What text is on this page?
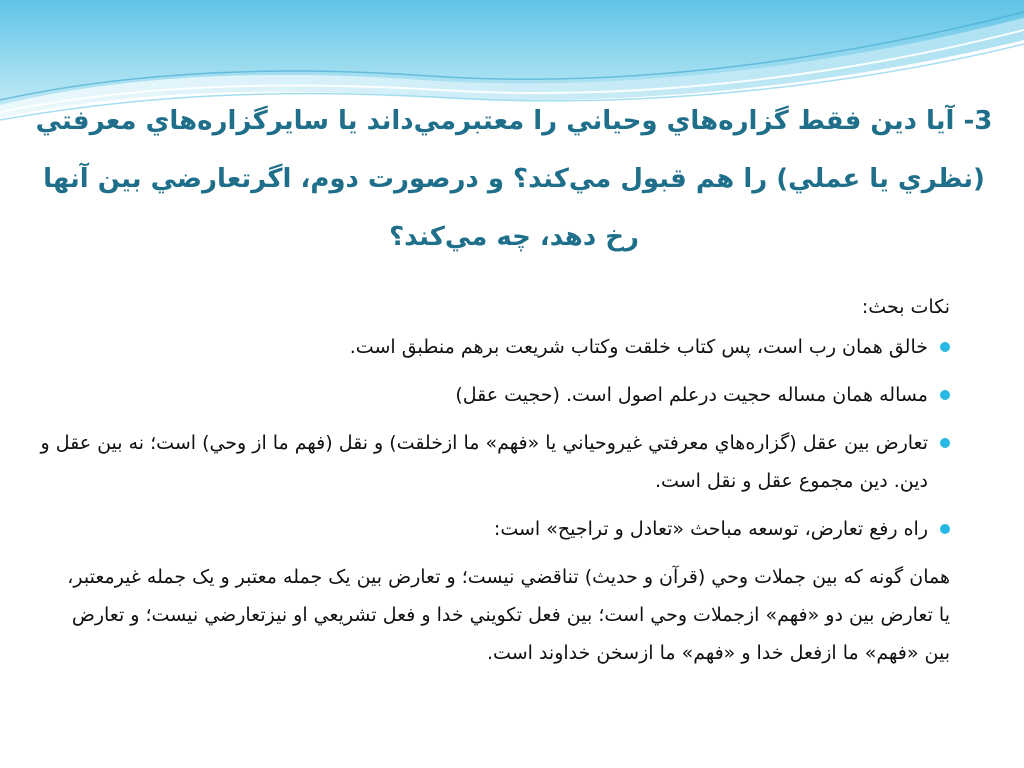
3- آيا دين فقط گزاره‌هاي وحياني را معتبرمي‌داند يا سايرگزاره‌هاي معرفتي (نظري يا عملي) را هم قبول مي‌كند؟ و درصورت دوم، اگرتعارضي بين آنها رخ دهد، چه مي‌كند؟

نكات بحث:

خالق همان رب است، پس كتاب خلقت وكتاب شريعت برهم منطبق است.
مساله همان مساله حجيت درعلم اصول است. (حجيت عقل)
تعارض بين عقل (گزاره‌هاي معرفتي غيروحياني يا «فهم» ما ازخلقت) و نقل (فهم ما از وحي) است؛ نه بين عقل و دين. دين مجموع عقل و نقل است.
راه رفع تعارض، توسعه مباحث «تعادل و تراجيح» است:

همان گونه كه بين جملات وحي (قرآن و حديث) تناقضي نيست؛ و تعارض بين يک جمله معتبر و يک جمله غيرمعتبر، يا تعارض بين دو «فهم» ازجملات وحي است؛ بين فعل تكويني خدا و فعل تشريعي او نيزتعارضي نيست؛ و تعارض بين «فهم» ما ازفعل خدا و «فهم» ما ازسخن خداوند است.
